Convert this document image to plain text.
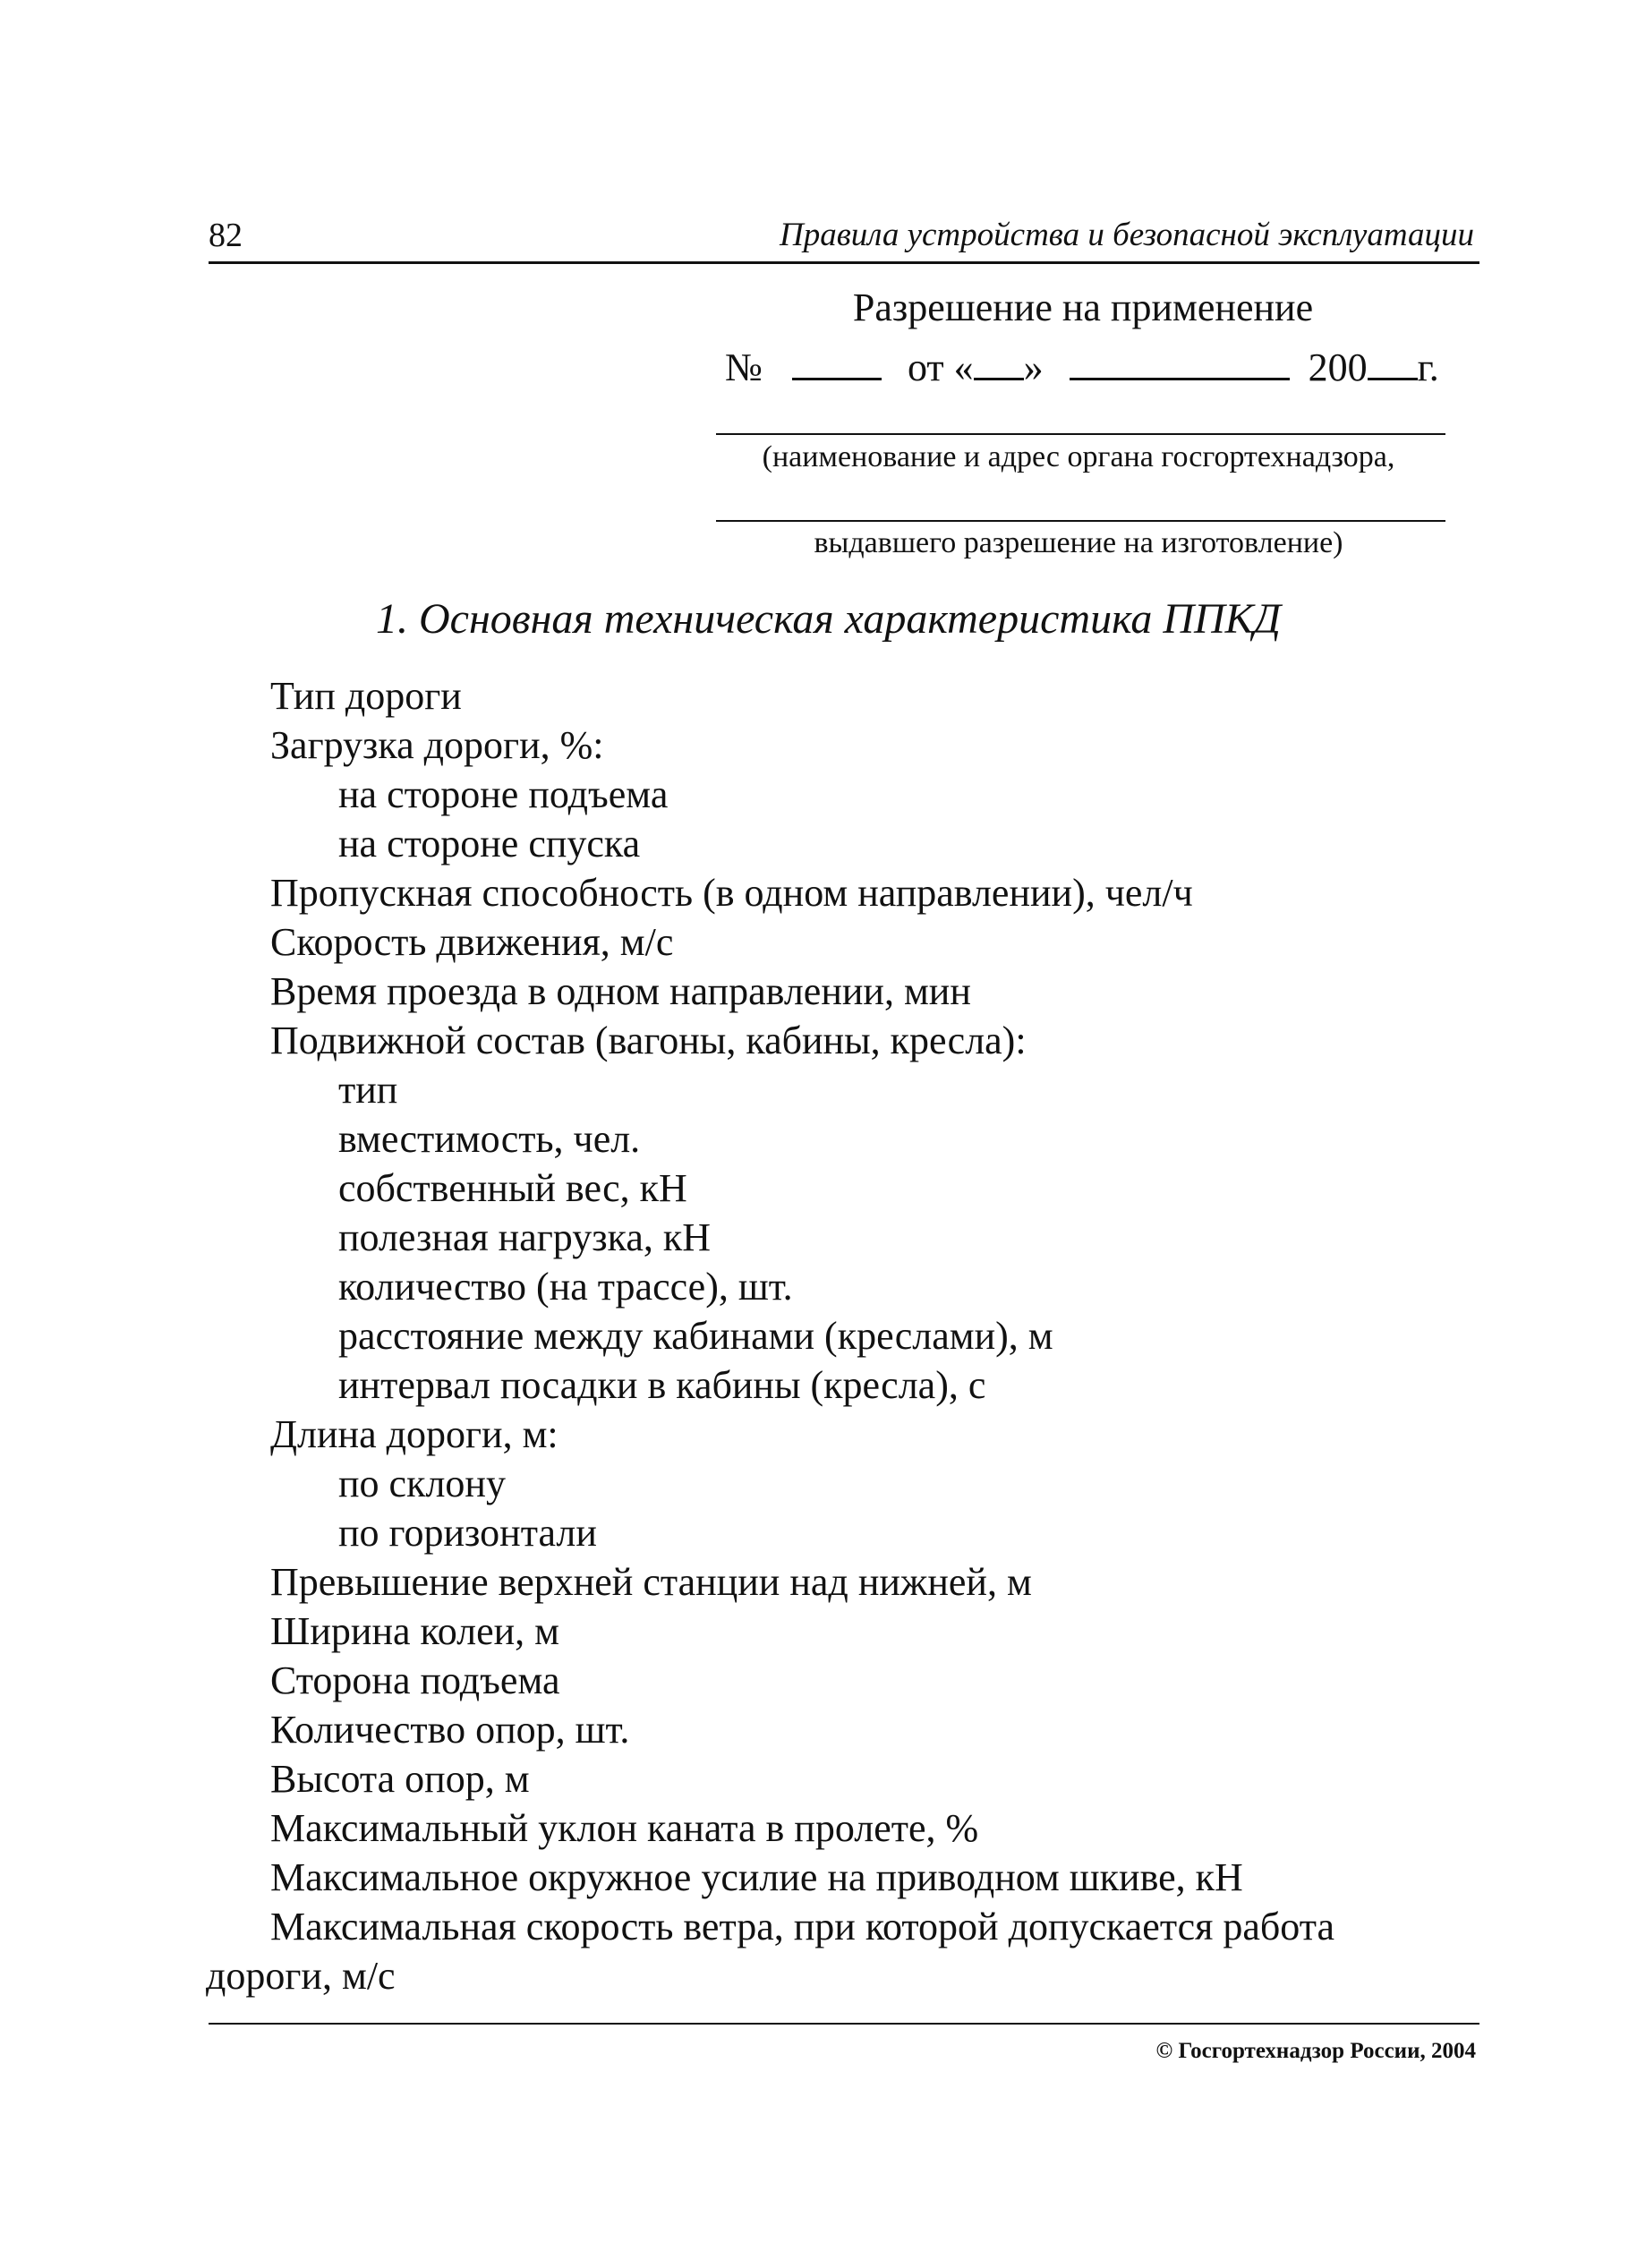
82	Правила устройства и безопасной эксплуатации
Разрешение на применение
№	от « »	200 г.
(наименование и адрес органа госгортехнадзора,
выдавшего разрешение на изготовление)
1. Основная техническая характеристика ППКД
Тип дороги
Загрузка дороги, %:
на стороне подъема
на стороне спуска
Пропускная способность (в одном направлении), чел/ч
Скорость движения, м/с
Время проезда в одном направлении, мин
Подвижной состав (вагоны, кабины, кресла):
тип
вместимость, чел.
собственный вес, кН
полезная нагрузка, кН
количество (на трассе), шт.
расстояние между кабинами (креслами), м
интервал посадки в кабины (кресла), с
Длина дороги, м:
по склону
по горизонтали
Превышение верхней станции над нижней, м
Ширина колеи, м
Сторона подъема
Количество опор, шт.
Высота опор, м
Максимальный уклон каната в пролете, %
Максимальное окружное усилие на приводном шкиве, кН
Максимальная скорость ветра, при которой допускается работа
дороги, м/с
© Госгортехнадзор России, 2004
